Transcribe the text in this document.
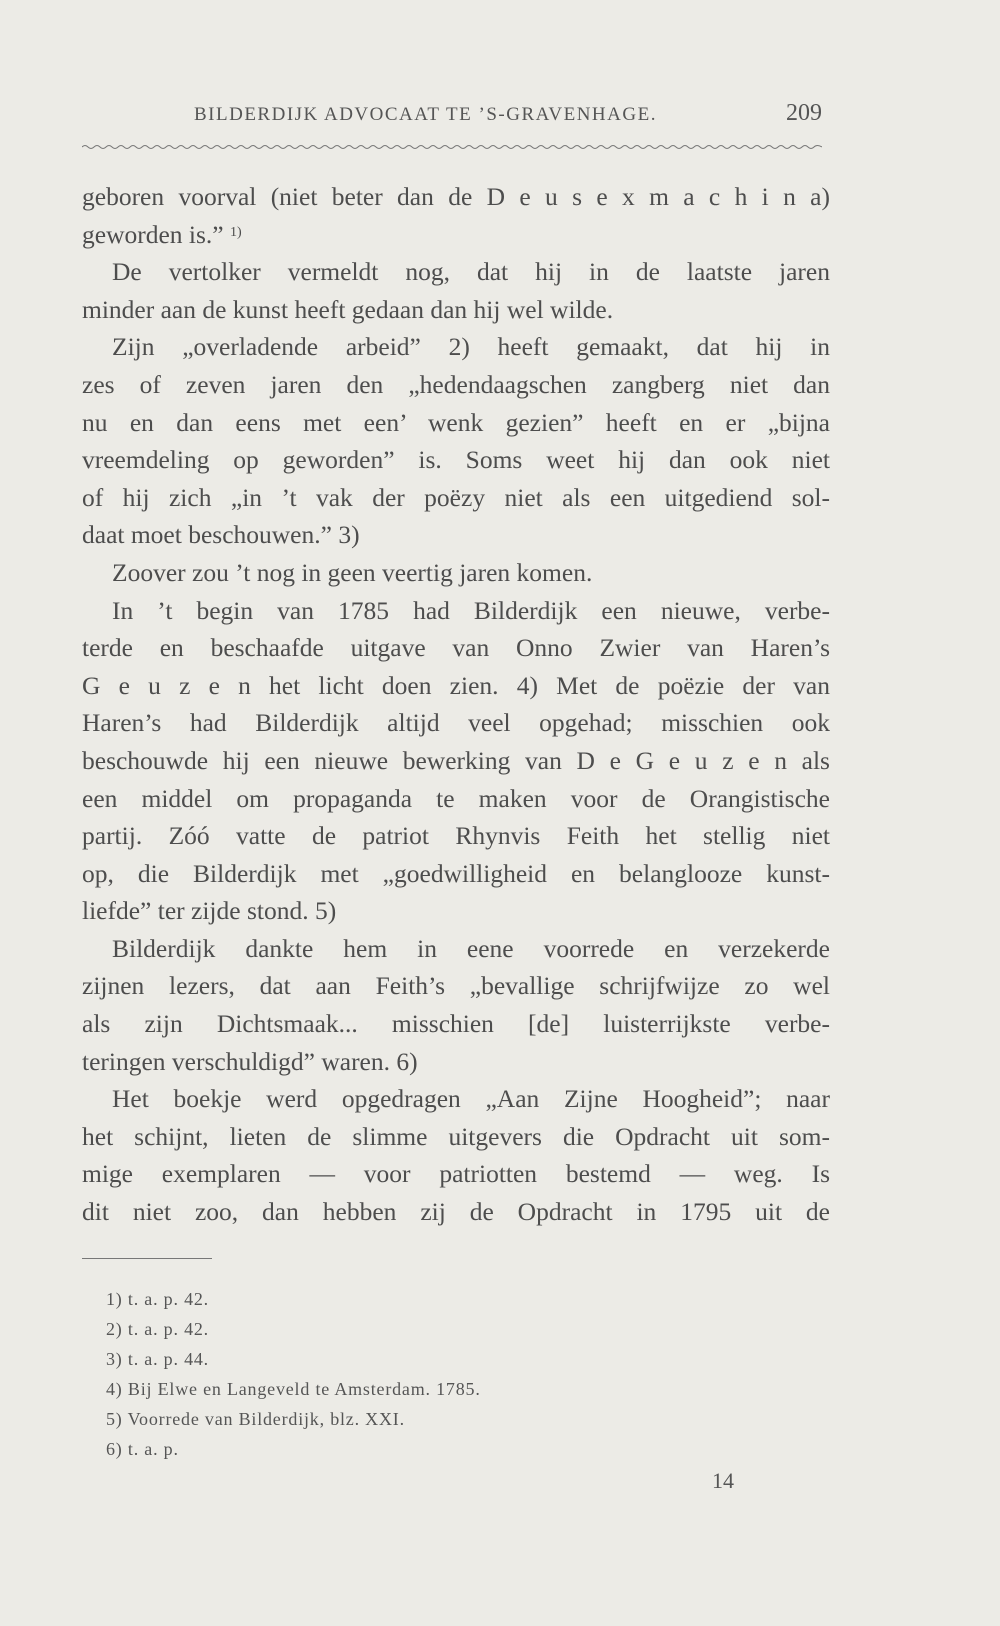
BILDERDIJK ADVOCAAT TE ’S-GRAVENHAGE.	209
geboren voorval (niet beter dan de D e u s e x m a c h i n a)
geworden is.” $^{1)}$
De vertolker vermeldt nog, dat hij in de laatste jaren
minder aan de kunst heeft gedaan dan hij wel wilde.
Zijn „overladende arbeid” 2) heeft gemaakt, dat hij in
zes of zeven jaren den „hedendaagschen zangberg niet dan
nu en dan eens met een’ wenk gezien” heeft en er „bijna
vreemdeling op geworden” is. Soms weet hij dan ook niet
of hij zich „in ’t vak der poëzy niet als een uitgediend sol-
daat moet beschouwen.” 3)
Zoover zou ’t nog in geen veertig jaren komen.
In ’t begin van 1785 had Bilderdijk een nieuwe, verbe-
terde en beschaafde uitgave van Onno Zwier van Haren’s
G e u z e n het licht doen zien. 4) Met de poëzie der van
Haren’s had Bilderdijk altijd veel opgehad; misschien ook
beschouwde hij een nieuwe bewerking van D e G e u z e n als
een middel om propaganda te maken voor de Orangistische
partij. Zóó vatte de patriot Rhynvis Feith het stellig niet
op, die Bilderdijk met „goedwilligheid en belanglooze kunst-
liefde” ter zijde stond. 5)
Bilderdijk dankte hem in eene voorrede en verzekerde
zijnen lezers, dat aan Feith’s „bevallige schrijfwijze zo wel
als zijn Dichtsmaak... misschien [de] luisterrijkste verbe-
teringen verschuldigd” waren. 6)
Het boekje werd opgedragen „Aan Zijne Hoogheid”; naar
het schijnt, lieten de slimme uitgevers die Opdracht uit som-
mige exemplaren — voor patriotten bestemd — weg. Is
dit niet zoo, dan hebben zij de Opdracht in 1795 uit de
1) t. a. p. 42.
2) t. a. p. 42.
3) t. a. p. 44.
4) Bij Elwe en Langeveld te Amsterdam. 1785.
5) Voorrede van Bilderdijk, blz. XXI.
6) t. a. p.
14
